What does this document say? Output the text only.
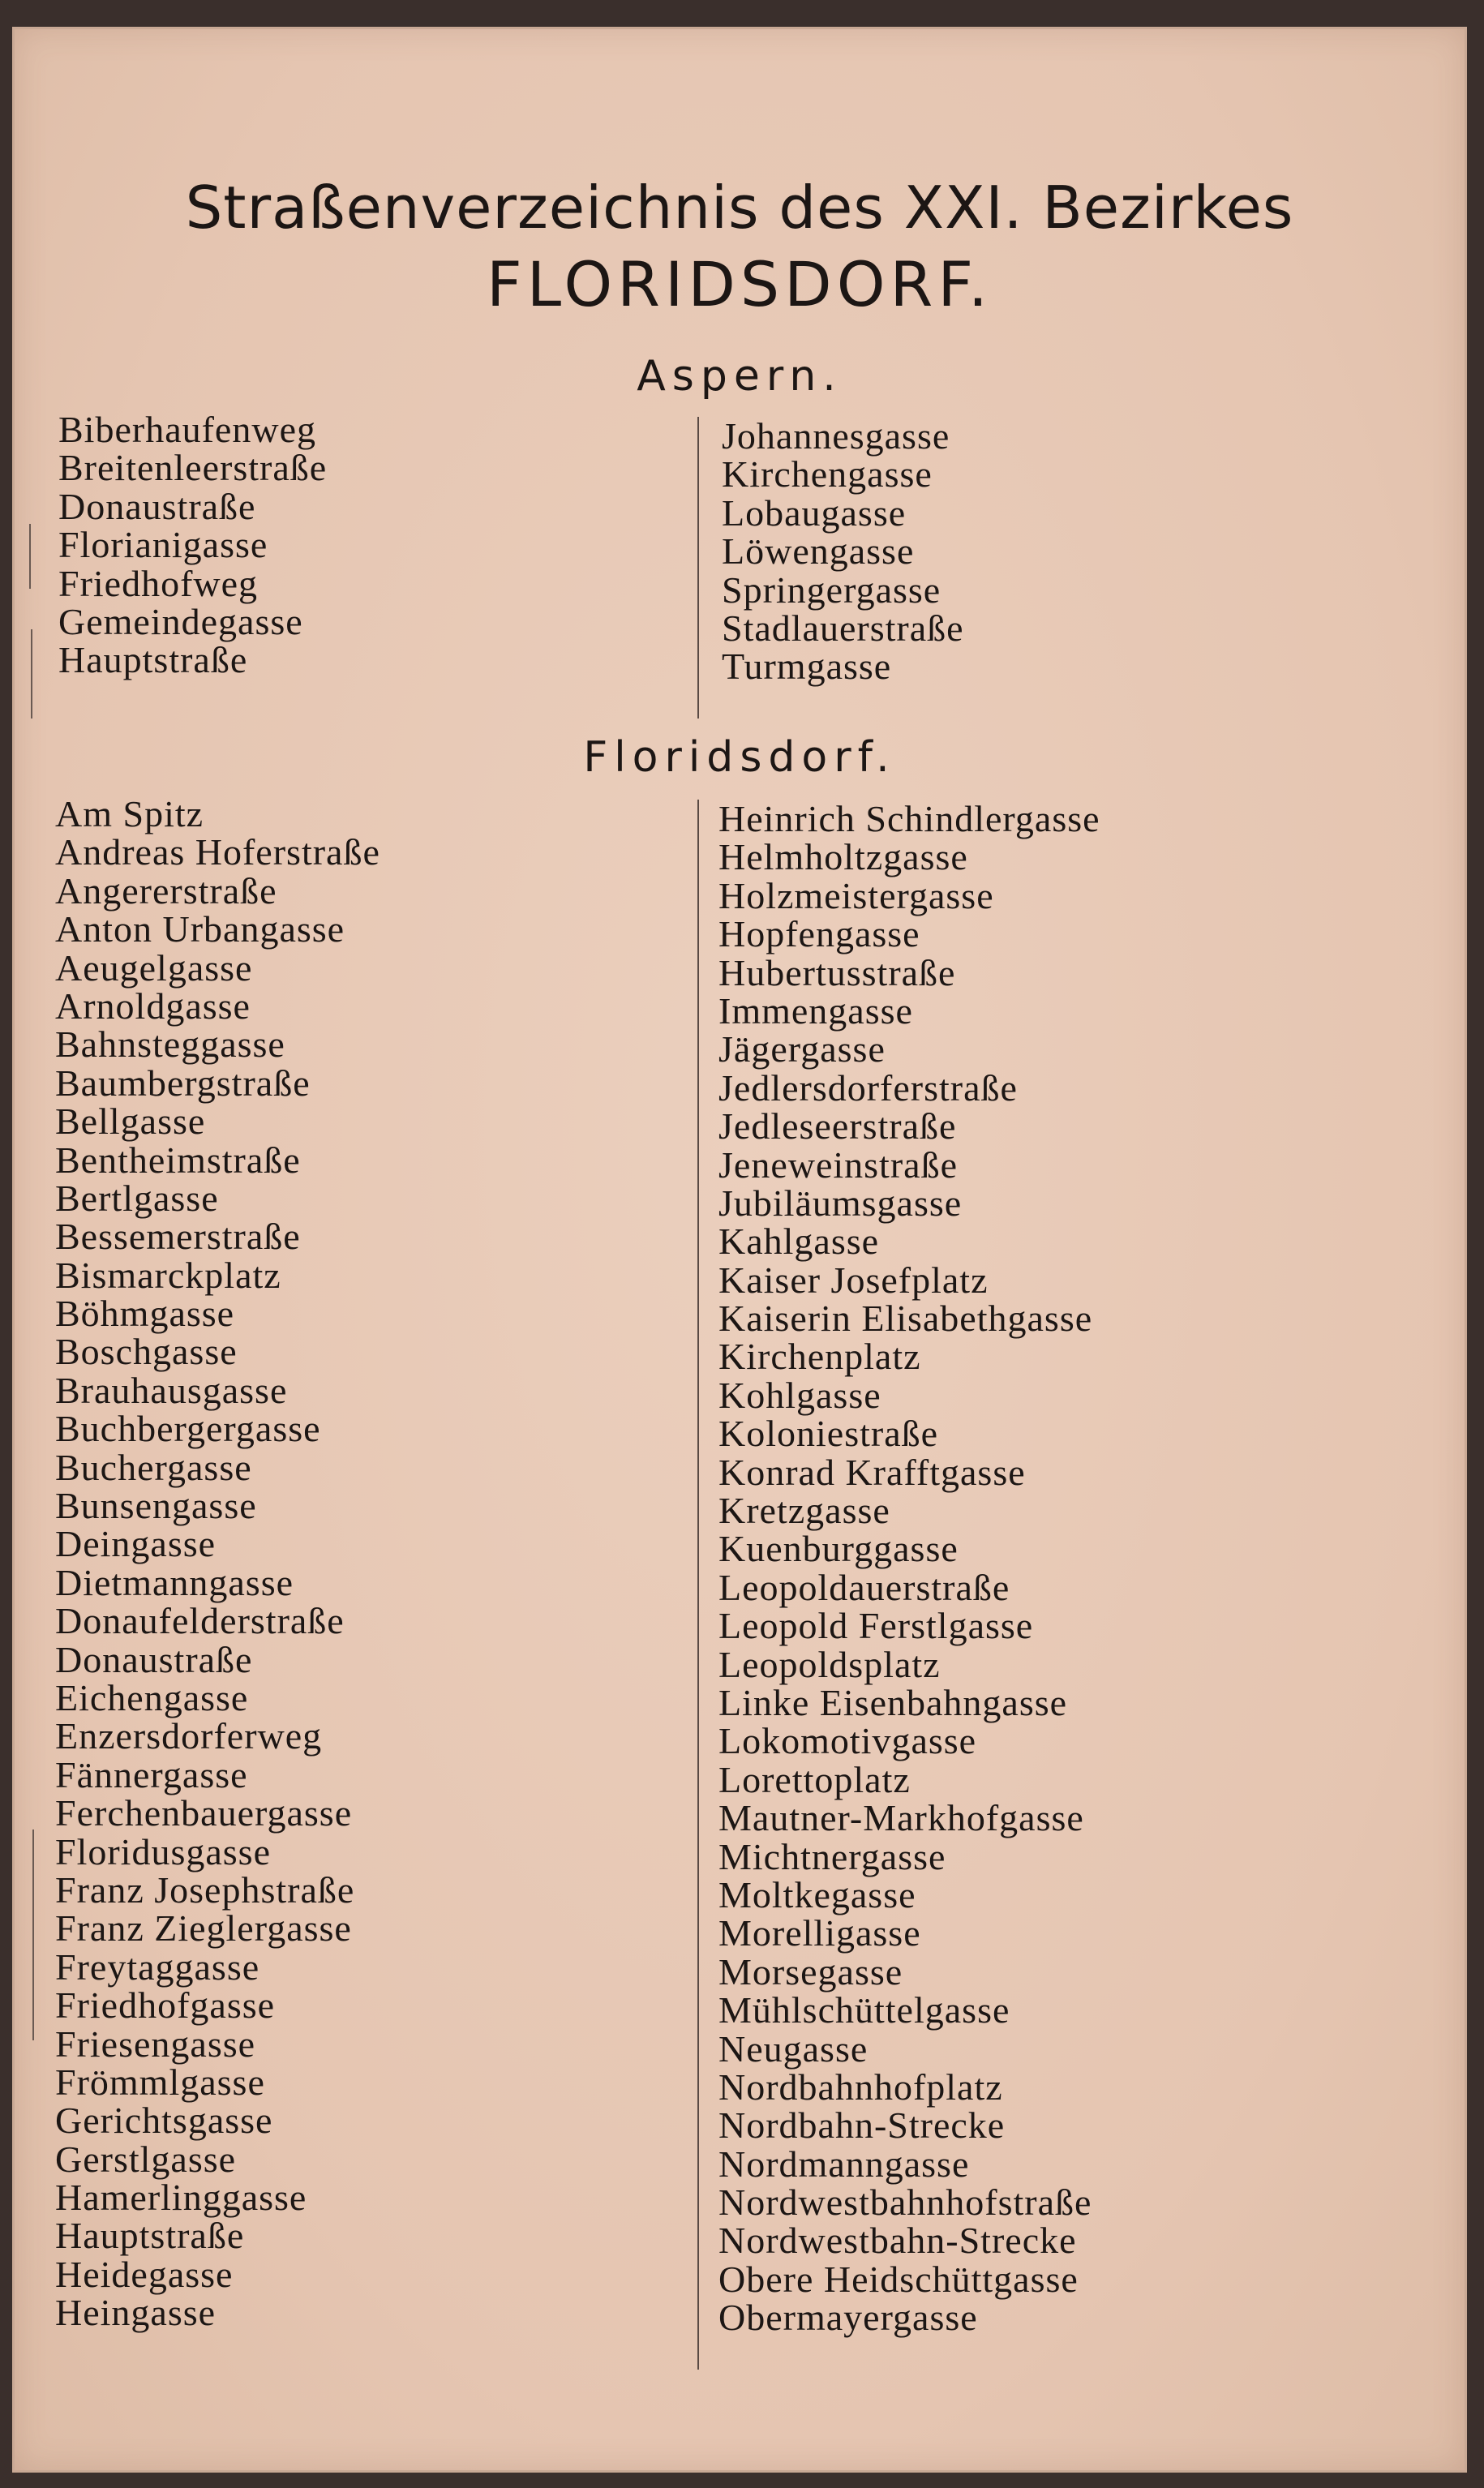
Straßenverzeichnis des XXI. Bezirkes
FLORIDSDORF.
Aspern.
Biberhaufenweg
Breitenleerstraße
Donaustraße
Florianigasse
Friedhofweg
Gemeindegasse
Hauptstraße
Johannesgasse
Kirchengasse
Lobaugasse
Löwengasse
Springergasse
Stadlauerstraße
Turmgasse
Floridsdorf.
Am Spitz
Andreas Hoferstraße
Angererstraße
Anton Urbangasse
Aeugelgasse
Arnoldgasse
Bahnsteggasse
Baumbergstraße
Bellgasse
Bentheimstraße
Bertlgasse
Bessemerstraße
Bismarckplatz
Böhmgasse
Boschgasse
Brauhausgasse
Buchbergergasse
Buchergasse
Bunsengasse
Deingasse
Dietmanngasse
Donaufelderstraße
Donaustraße
Eichengasse
Enzersdorferweg
Fännergasse
Ferchenbauergasse
Floridusgasse
Franz Josephstraße
Franz Zieglergasse
Freytaggasse
Friedhofgasse
Friesengasse
Frömmlgasse
Gerichtsgasse
Gerstlgasse
Hamerlinggasse
Hauptstraße
Heidegasse
Heingasse
Heinrich Schindlergasse
Helmholtzgasse
Holzmeistergasse
Hopfengasse
Hubertusstraße
Immengasse
Jägergasse
Jedlersdorferstraße
Jedleseerstraße
Jeneweinstraße
Jubiläumsgasse
Kahlgasse
Kaiser Josefplatz
Kaiserin Elisabethgasse
Kirchenplatz
Kohlgasse
Koloniestraße
Konrad Krafftgasse
Kretzgasse
Kuenburggasse
Leopoldauerstraße
Leopold Ferstlgasse
Leopoldsplatz
Linke Eisenbahngasse
Lokomotivgasse
Lorettoplatz
Mautner-Markhofgasse
Michtnergasse
Moltkegasse
Morelligasse
Morsegasse
Mühlschüttelgasse
Neugasse
Nordbahnhofplatz
Nordbahn-Strecke
Nordmanngasse
Nordwestbahnhofstraße
Nordwestbahn-Strecke
Obere Heidschüttgasse
Obermayergasse
